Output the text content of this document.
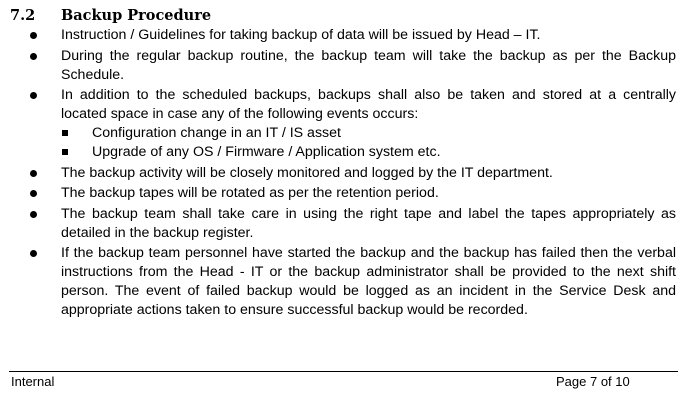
7.2 Backup Procedure
Instruction / Guidelines for taking backup of data will be issued by Head – IT.
During the regular backup routine, the backup team will take the backup as per the Backup Schedule.
In addition to the scheduled backups, backups shall also be taken and stored at a centrally located space in case any of the following events occurs:
Configuration change in an IT / IS asset
Upgrade of any OS / Firmware / Application system etc.
The backup activity will be closely monitored and logged by the IT department.
The backup tapes will be rotated as per the retention period.
The backup team shall take care in using the right tape and label the tapes appropriately as detailed in the backup register.
If the backup team personnel have started the backup and the backup has failed then the verbal instructions from the Head - IT or the backup administrator shall be provided to the next shift person. The event of failed backup would be logged as an incident in the Service Desk and appropriate actions taken to ensure successful backup would be recorded.
Internal	Page 7 of 10
